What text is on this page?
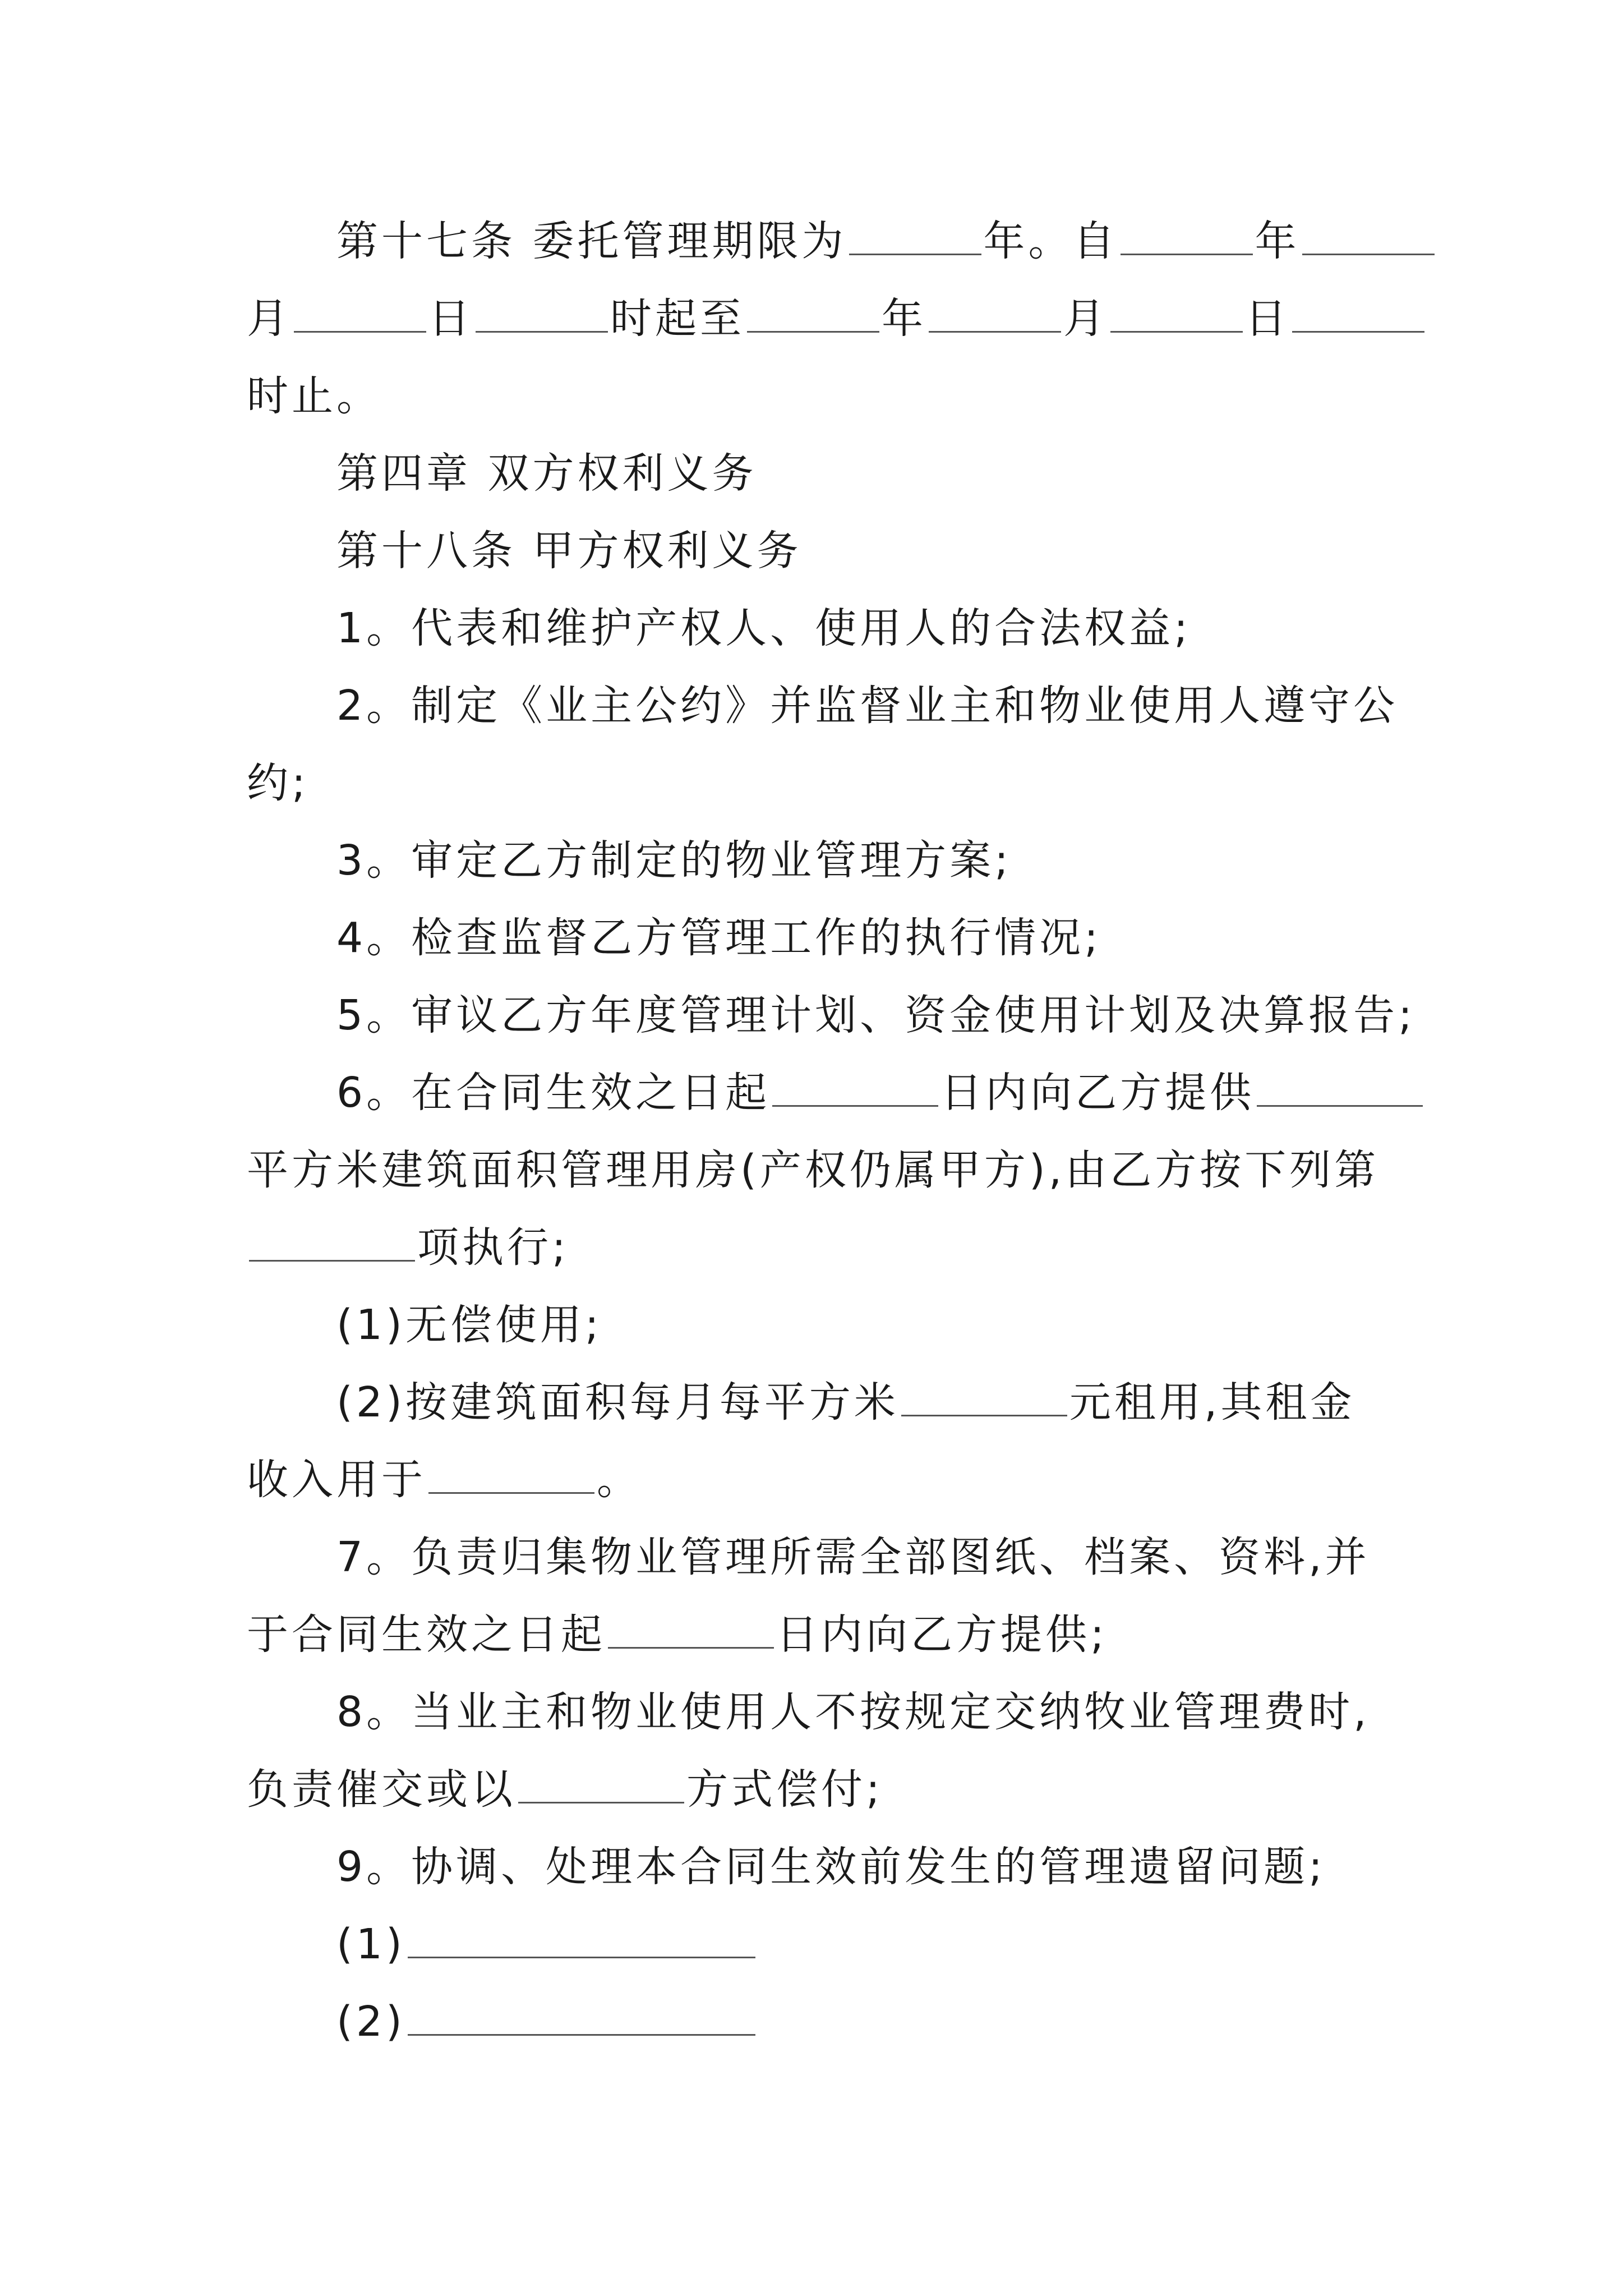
第十七条 委托管理期限为	年。自	年
月	日	时起至	年	月	日
时止。
第四章 双方权利义务
第十八条 甲方权利义务
1。代表和维护产权人、使用人的合法权益;
2。制定《业主公约》并监督业主和物业使用人遵守公
约;
3。审定乙方制定的物业管理方案;
4。检查监督乙方管理工作的执行情况;
5。审议乙方年度管理计划、资金使用计划及决算报告;
6。在合同生效之日起	日内向乙方提供
平方米建筑面积管理用房(产权仍属甲方),由乙方按下列第
项执行;
(1)无偿使用;
(2)按建筑面积每月每平方米	元租用,其租金
收入用于	。
7。负责归集物业管理所需全部图纸、档案、资料,并
于合同生效之日起	日内向乙方提供;
8。当业主和物业使用人不按规定交纳牧业管理费时,
负责催交或以	方式偿付;
9。协调、处理本合同生效前发生的管理遗留问题;
(1)
(2)
